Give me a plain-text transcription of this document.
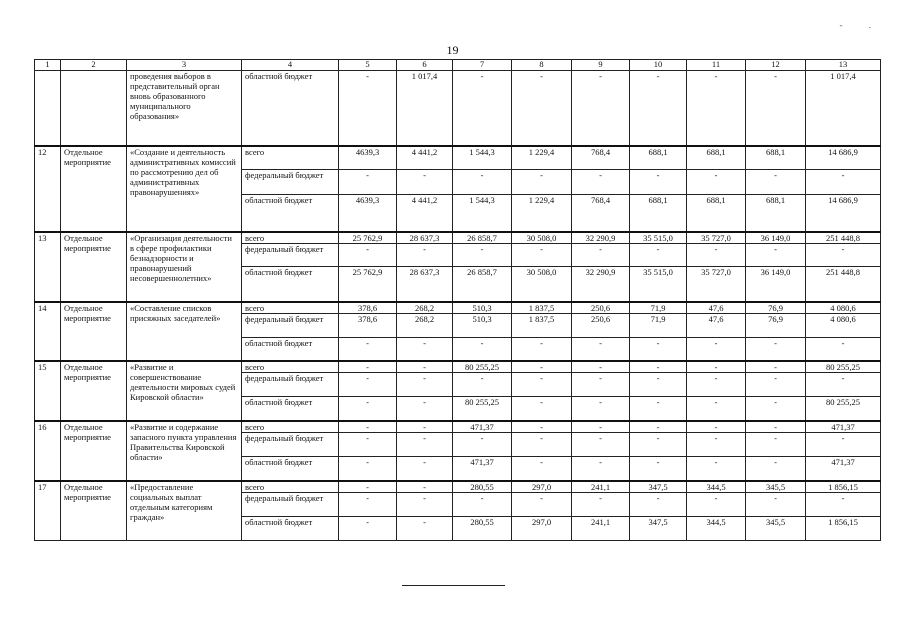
19
- .
1	2	3	4	5	6	7	8	9	10	11	12	13
		проведения выборов в представительный орган вновь образованного муниципального образования»	областной бюджет	-	1 017,4	-	-	-	-	-	-	1 017,4
12	Отдельное мероприятие	«Создание и деятельность административных комиссий по рассмотрению дел об административных правонарушениях»	всего	4639,3	4 441,2	1 544,3	1 229,4	768,4	688,1	688,1	688,1	14 686,9
			федеральный бюджет	-	-	-	-	-	-	-	-	-
			областной бюджет	4639,3	4 441,2	1 544,3	1 229,4	768,4	688,1	688,1	688,1	14 686,9
13	Отдельное мероприятие	«Организация деятельности в сфере профилактики безнадзорности и правонарушений несовершеннолетних»	всего	25 762,9	28 637,3	26 858,7	30 508,0	32 290,9	35 515,0	35 727,0	36 149,0	251 448,8
			федеральный бюджет	-	-	-	-	-	-	-	-	-
			областной бюджет	25 762,9	28 637,3	26 858,7	30 508,0	32 290,9	35 515,0	35 727,0	36 149,0	251 448,8
14	Отдельное мероприятие	«Составление списков присяжных заседателей»	всего	378,6	268,2	510,3	1 837,5	250,6	71,9	47,6	76,9	4 080,6
			федеральный бюджет	378,6	268,2	510,3	1 837,5	250,6	71,9	47,6	76,9	4 080,6
			областной бюджет	-	-	-	-	-	-	-	-	-
15	Отдельное мероприятие	«Развитие и совершенствование деятельности мировых судей Кировской области»	всего	-	-	80 255,25	-	-	-	-	-	80 255,25
			федеральный бюджет	-	-	-	-	-	-	-	-	-
			областной бюджет	-	-	80 255,25	-	-	-	-	-	80 255,25
16	Отдельное мероприятие	«Развитие и содержание запасного пункта управления Правительства Кировской области»	всего	-	-	471,37	-	-	-	-	-	471,37
			федеральный бюджет	-	-	-	-	-	-	-	-	-
			областной бюджет	-	-	471,37	-	-	-	-	-	471,37
17	Отдельное мероприятие	«Предоставление социальных выплат отдельным категориям граждан»	всего	-	-	280,55	297,0	241,1	347,5	344,5	345,5	1 856,15
			федеральный бюджет	-	-	-	-	-	-	-	-	-
			областной бюджет	-	-	280,55	297,0	241,1	347,5	344,5	345,5	1 856,15
